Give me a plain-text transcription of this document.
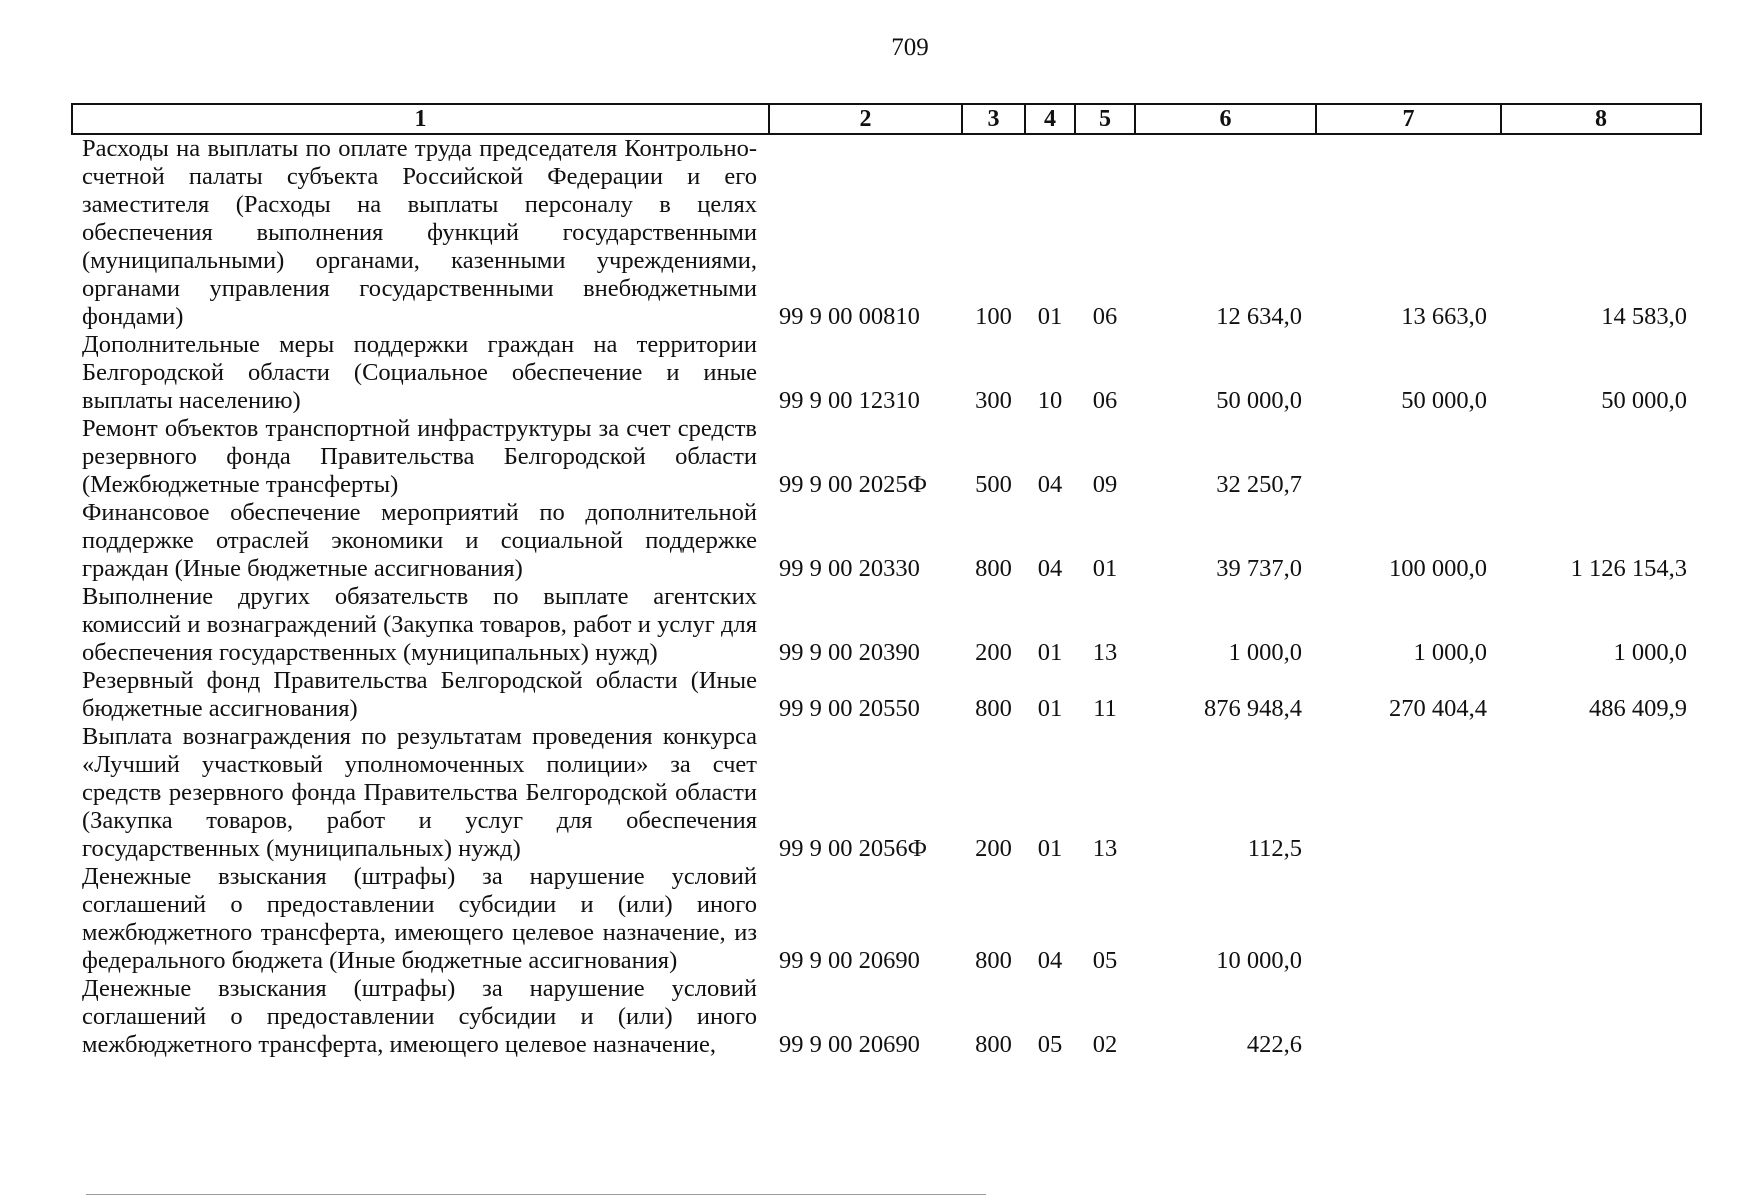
709
1	2	3	4	5	6	7	8
Расходы на выплаты по оплате труда председателя Контрольно-счетной палаты субъекта Российской Федерации и его заместителя (Расходы на выплаты персоналу в целях обеспечения выполнения функций государственными (муниципальными) органами, казенными учреждениями, органами управления государственными внебюджетными фондами)	99 9 00 00810	100	01	06	12 634,0	13 663,0	14 583,0
Дополнительные меры поддержки граждан на территории Белгородской области (Социальное обеспечение и иные выплаты населению)	99 9 00 12310	300	10	06	50 000,0	50 000,0	50 000,0
Ремонт объектов транспортной инфраструктуры за счет средств резервного фонда Правительства Белгородской области (Межбюджетные трансферты)	99 9 00 2025Ф	500	04	09	32 250,7		
Финансовое обеспечение мероприятий по дополнительной поддержке отраслей экономики и социальной поддержке граждан (Иные бюджетные ассигнования)	99 9 00 20330	800	04	01	39 737,0	100 000,0	1 126 154,3
Выполнение других обязательств по выплате агентских комиссий и вознаграждений (Закупка товаров, работ и услуг для обеспечения государственных (муниципальных) нужд)	99 9 00 20390	200	01	13	1 000,0	1 000,0	1 000,0
Резервный фонд Правительства Белгородской области (Иные бюджетные ассигнования)	99 9 00 20550	800	01	11	876 948,4	270 404,4	486 409,9
Выплата вознаграждения по результатам проведения конкурса «Лучший участковый уполномоченных полиции» за счет средств резервного фонда Правительства Белгородской области (Закупка товаров, работ и услуг для обеспечения государственных (муниципальных) нужд)	99 9 00 2056Ф	200	01	13	112,5		
Денежные взыскания (штрафы) за нарушение условий соглашений о предоставлении субсидии и (или) иного межбюджетного трансферта, имеющего целевое назначение, из федерального бюджета (Иные бюджетные ассигнования)	99 9 00 20690	800	04	05	10 000,0		
Денежные взыскания (штрафы) за нарушение условий соглашений о предоставлении субсидии и (или) иного межбюджетного трансферта, имеющего целевое назначение,	99 9 00 20690	800	05	02	422,6		
